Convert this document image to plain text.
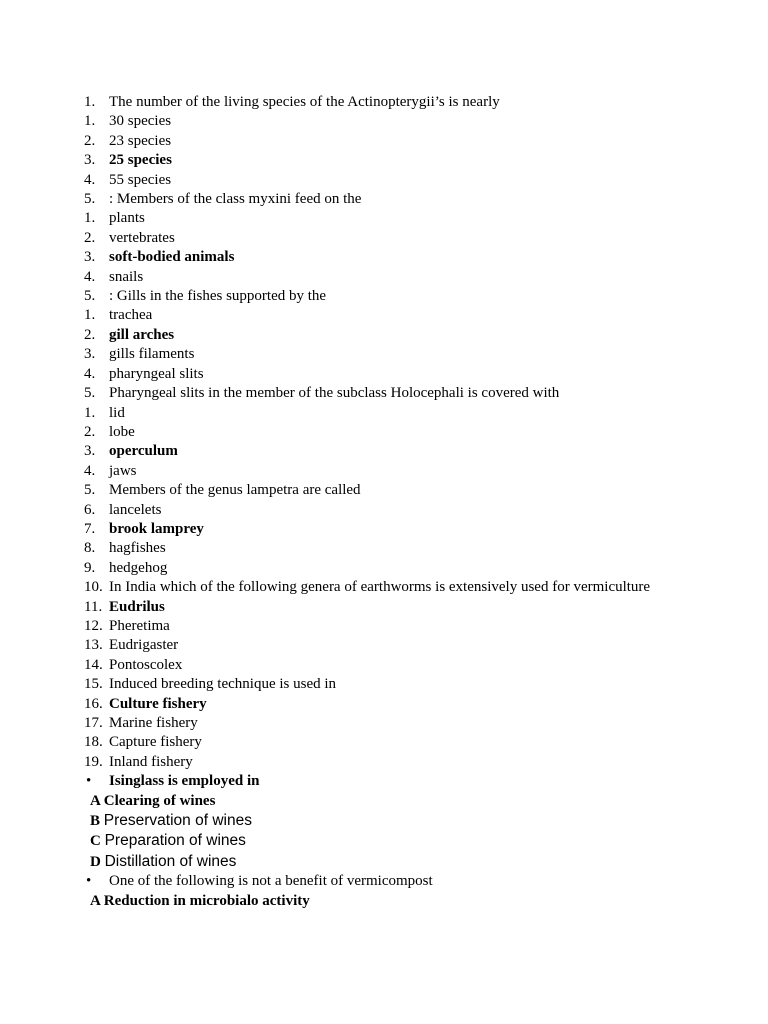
1. The number of the living species of the Actinopterygii’s is nearly
1. 30 species
2. 23 species
3. 25 species
4. 55 species
5. : Members of the class myxini feed on the
1. plants
2. vertebrates
3. soft-bodied animals
4. snails
5. : Gills in the fishes supported by the
1. trachea
2. gill arches
3. gills filaments
4. pharyngeal slits
5. Pharyngeal slits in the member of the subclass Holocephali is covered with
1. lid
2. lobe
3. operculum
4. jaws
5. Members of the genus lampetra are called
6. lancelets
7. brook lamprey
8. hagfishes
9. hedgehog
10. In India which of the following genera of earthworms is extensively used for vermiculture
11. Eudrilus
12. Pheretima
13. Eudrigaster
14. Pontoscolex
15. Induced breeding technique is used in
16. Culture fishery
17. Marine fishery
18. Capture fishery
19. Inland fishery
•	Isinglass is employed in
A Clearing of wines
B Preservation of wines
C Preparation of wines
D Distillation of wines
•	One of the following is not a benefit of vermicompost
A Reduction in microbialo activity
